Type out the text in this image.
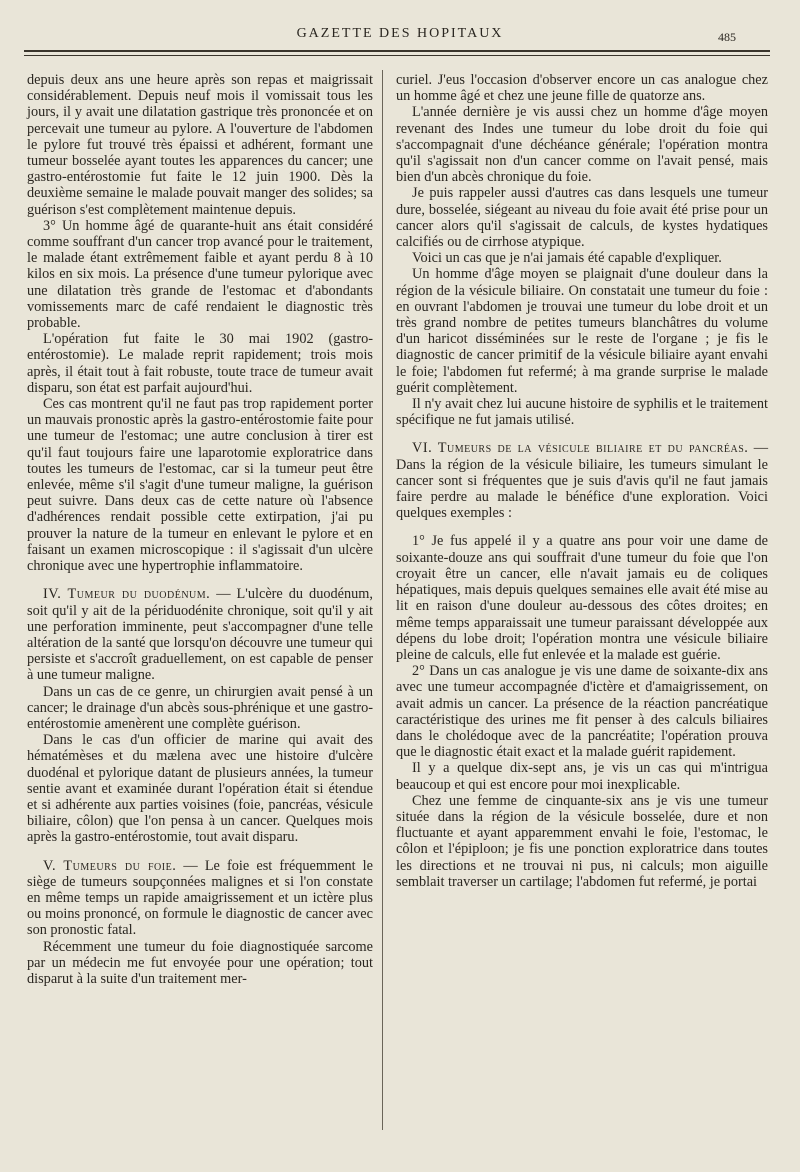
GAZETTE DES HOPITAUX	485

depuis deux ans une heure après son repas et maigrissait considérablement. Depuis neuf mois il vomissait tous les jours, il y avait une dilatation gastrique très prononcée et on percevait une tumeur au pylore. A l'ouverture de l'abdomen le pylore fut trouvé très épaissi et adhérent, formant une tumeur bosselée ayant toutes les apparences du cancer; une gastro-entérostomie fut faite le 12 juin 1900. Dès la deuxième semaine le malade pouvait manger des solides; sa guérison s'est complètement maintenue depuis.

3° Un homme âgé de quarante-huit ans était considéré comme souffrant d'un cancer trop avancé pour le traitement, le malade étant extrêmement faible et ayant perdu 8 à 10 kilos en six mois. La présence d'une tumeur pylorique avec une dilatation très grande de l'estomac et d'abondants vomissements marc de café rendaient le diagnostic très probable.

L'opération fut faite le 30 mai 1902 (gastro-entérostomie). Le malade reprit rapidement; trois mois après, il était tout à fait robuste, toute trace de tumeur avait disparu, son état est parfait aujourd'hui.

Ces cas montrent qu'il ne faut pas trop rapidement porter un mauvais pronostic après la gastro-entérostomie faite pour une tumeur de l'estomac; une autre conclusion à tirer est qu'il faut toujours faire une laparotomie exploratrice dans toutes les tumeurs de l'estomac, car si la tumeur peut être enlevée, même s'il s'agit d'une tumeur maligne, la guérison peut suivre. Dans deux cas de cette nature où l'absence d'adhérences rendait possible cette extirpation, j'ai pu prouver la nature de la tumeur en enlevant le pylore et en faisant un examen microscopique : il s'agissait d'un ulcère chronique avec une hypertrophie inflammatoire.

IV. Tumeur du duodénum. — L'ulcère du duodénum, soit qu'il y ait de la périduodénite chronique, soit qu'il y ait une perforation imminente, peut s'accompagner d'une telle altération de la santé que lorsqu'on découvre une tumeur qui persiste et s'accroît graduellement, on est capable de penser à une tumeur maligne.

Dans un cas de ce genre, un chirurgien avait pensé à un cancer; le drainage d'un abcès sous-phrénique et une gastro-entérostomie amenèrent une complète guérison.

Dans le cas d'un officier de marine qui avait des hématémèses et du mælena avec une histoire d'ulcère duodénal et pylorique datant de plusieurs années, la tumeur sentie avant et examinée durant l'opération était si étendue et si adhérente aux parties voisines (foie, pancréas, vésicule biliaire, côlon) que l'on pensa à un cancer. Quelques mois après la gastro-entérostomie, tout avait disparu.

V. Tumeurs du foie. — Le foie est fréquemment le siège de tumeurs soupçonnées malignes et si l'on constate en même temps un rapide amaigrissement et un ictère plus ou moins prononcé, on formule le diagnostic de cancer avec son pronostic fatal.

Récemment une tumeur du foie diagnostiquée sarcome par un médecin me fut envoyée pour une opération; tout disparut à la suite d'un traitement mer-

curiel. J'eus l'occasion d'observer encore un cas analogue chez un homme âgé et chez une jeune fille de quatorze ans.

L'année dernière je vis aussi chez un homme d'âge moyen revenant des Indes une tumeur du lobe droit du foie qui s'accompagnait d'une déchéance générale; l'opération montra qu'il s'agissait non d'un cancer comme on l'avait pensé, mais bien d'un abcès chronique du foie.

Je puis rappeler aussi d'autres cas dans lesquels une tumeur dure, bosselée, siégeant au niveau du foie avait été prise pour un cancer alors qu'il s'agissait de calculs, de kystes hydatiques calcifiés ou de cirrhose atypique.

Voici un cas que je n'ai jamais été capable d'expliquer.

Un homme d'âge moyen se plaignait d'une douleur dans la région de la vésicule biliaire. On constatait une tumeur du foie : en ouvrant l'abdomen je trouvai une tumeur du lobe droit et un très grand nombre de petites tumeurs blanchâtres du volume d'un haricot disséminées sur le reste de l'organe ; je fis le diagnostic de cancer primitif de la vésicule biliaire ayant envahi le foie; l'abdomen fut refermé; à ma grande surprise le malade guérit complètement.

Il n'y avait chez lui aucune histoire de syphilis et le traitement spécifique ne fut jamais utilisé.

VI. Tumeurs de la vésicule biliaire et du pancréas. — Dans la région de la vésicule biliaire, les tumeurs simulant le cancer sont si fréquentes que je suis d'avis qu'il ne faut jamais faire perdre au malade le bénéfice d'une exploration. Voici quelques exemples :

1° Je fus appelé il y a quatre ans pour voir une dame de soixante-douze ans qui souffrait d'une tumeur du foie que l'on croyait être un cancer, elle n'avait jamais eu de coliques hépatiques, mais depuis quelques semaines elle avait été mise au lit en raison d'une douleur au-dessous des côtes droites; en même temps apparaissait une tumeur paraissant développée aux dépens du lobe droit; l'opération montra une vésicule biliaire pleine de calculs, elle fut enlevée et la malade est guérie.

2° Dans un cas analogue je vis une dame de soixante-dix ans avec une tumeur accompagnée d'ictère et d'amaigrissement, on avait admis un cancer. La présence de la réaction pancréatique caractéristique des urines me fit penser à des calculs biliaires dans le cholédoque avec de la pancréatite; l'opération prouva que le diagnostic était exact et la malade guérit rapidement.

Il y a quelque dix-sept ans, je vis un cas qui m'intrigua beaucoup et qui est encore pour moi inexplicable.

Chez une femme de cinquante-six ans je vis une tumeur située dans la région de la vésicule bosselée, dure et non fluctuante et ayant apparemment envahi le foie, l'estomac, le côlon et l'épiploon; je fis une ponction exploratrice dans toutes les directions et ne trouvai ni pus, ni calculs; mon aiguille semblait traverser un cartilage; l'abdomen fut refermé, je portai
